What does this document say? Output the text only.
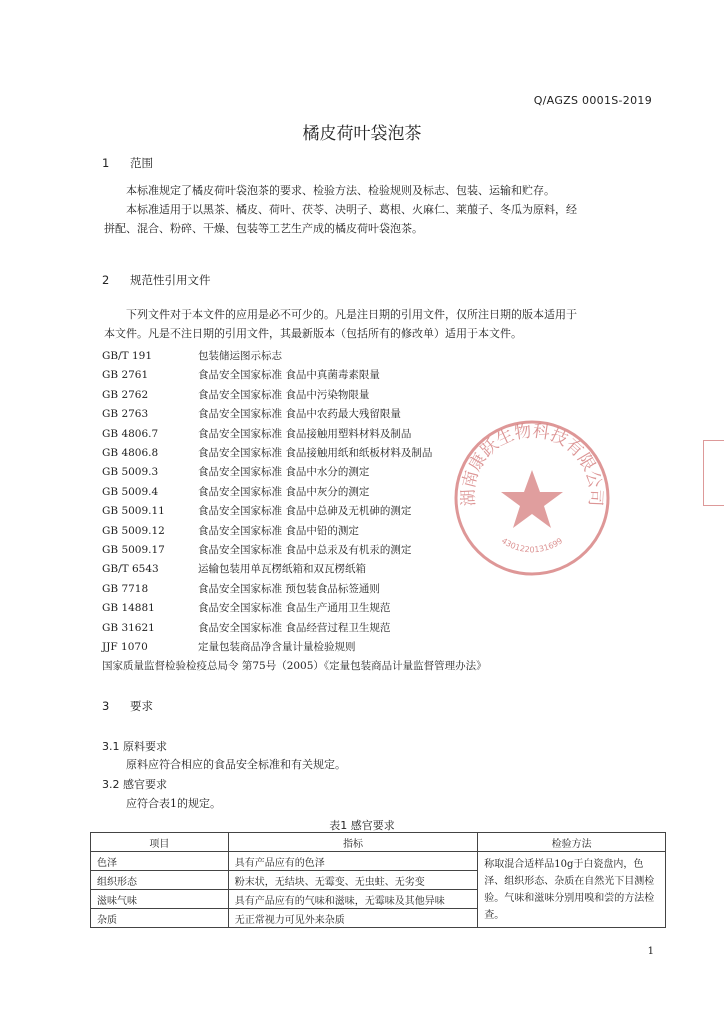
Q/AGZS 0001S-2019
橘皮荷叶袋泡茶
1 范围
本标准规定了橘皮荷叶袋泡茶的要求、检验方法、检验规则及标志、包装、运输和贮存。
本标准适用于以黑茶、橘皮、荷叶、茯苓、决明子、葛根、火麻仁、莱菔子、冬瓜为原料，经
拼配、混合、粉碎、干燥、包装等工艺生产成的橘皮荷叶袋泡茶。
2 规范性引用文件
下列文件对于本文件的应用是必不可少的。凡是注日期的引用文件，仅所注日期的版本适用于
本文件。凡是不注日期的引用文件，其最新版本（包括所有的修改单）适用于本文件。
GB/T 191	包装储运图示标志
GB 2761	食品安全国家标准 食品中真菌毒素限量
GB 2762	食品安全国家标准 食品中污染物限量
GB 2763	食品安全国家标准 食品中农药最大残留限量
GB 4806.7	食品安全国家标准 食品接触用塑料材料及制品
GB 4806.8	食品安全国家标准 食品接触用纸和纸板材料及制品
GB 5009.3	食品安全国家标准 食品中水分的测定
GB 5009.4	食品安全国家标准 食品中灰分的测定
GB 5009.11	食品安全国家标准 食品中总砷及无机砷的测定
GB 5009.12	食品安全国家标准 食品中铅的测定
GB 5009.17	食品安全国家标准 食品中总汞及有机汞的测定
GB/T 6543	运输包装用单瓦楞纸箱和双瓦楞纸箱
GB 7718	食品安全国家标准 预包装食品标签通则
GB 14881	食品安全国家标准 食品生产通用卫生规范
GB 31621	食品安全国家标准 食品经营过程卫生规范
JJF 1070	定量包装商品净含量计量检验规则
国家质量监督检验检疫总局令 第75号（2005）《定量包装商品计量监督管理办法》
3 要求
3.1 原料要求
原料应符合相应的食品安全标准和有关规定。
3.2 感官要求
应符合表1的规定。
表1 感官要求
项目	指标	检验方法
色泽	具有产品应有的色泽	称取混合适样品10g于白瓷盘内，色泽、组织形态、杂质在自然光下目测检验。气味和滋味分别用嗅和尝的方法检查。
组织形态	粉末状，无结块、无霉变、无虫蛀、无劣变	
滋味气味	具有产品应有的气味和滋味，无霉味及其他异味	
杂质	无正常视力可见外来杂质	
1
湖南康跃生物科技有限公司
4301220131699
